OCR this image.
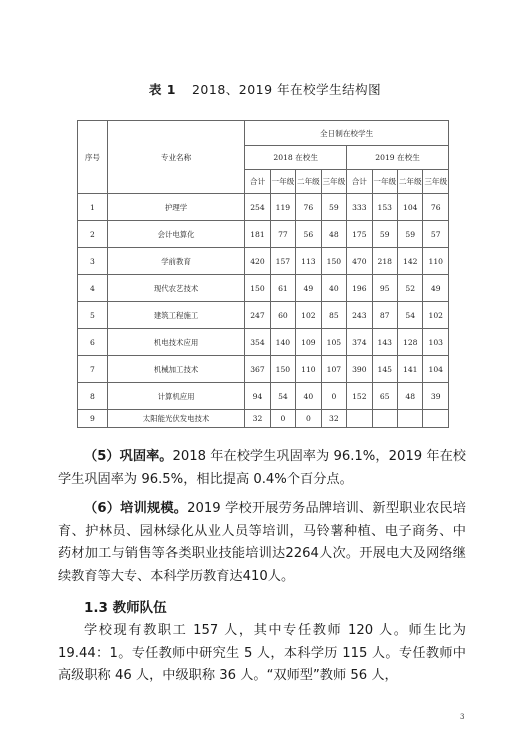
表 1 2018、2019 年在校学生结构图
序号	专业名称	全日制在校学生							
		2018 在校生				2019 在校生			
		合计	一年级	二年级	三年级	合计	一年级	二年级	三年级
1	护理学	254	119	76	59	333	153	104	76
2	会计电算化	181	77	56	48	175	59	59	57
3	学前教育	420	157	113	150	470	218	142	110
4	现代农艺技术	150	61	49	40	196	95	52	49
5	建筑工程施工	247	60	102	85	243	87	54	102
6	机电技术应用	354	140	109	105	374	143	128	103
7	机械加工技术	367	150	110	107	390	145	141	104
8	计算机应用	94	54	40	0	152	65	48	39
9	太阳能光伏发电技术	32	0	0	32				
（5）巩固率。2018 年在校学生巩固率为 96.1%，2019 年在校学生巩固率为 96.5%，相比提高 0.4%个百分点。
（6）培训规模。2019 学校开展劳务品牌培训、新型职业农民培育、护林员、园林绿化从业人员等培训，马铃薯种植、电子商务、中药材加工与销售等各类职业技能培训达2264人次。开展电大及网络继续教育等大专、本科学历教育达410人。
1.3 教师队伍
学校现有教职工 157 人，其中专任教师 120 人。师生比为 19.44：1。专任教师中研究生 5 人，本科学历 115 人。专任教师中高级职称 46 人，中级职称 36 人。“双师型”教师 56 人，
3
